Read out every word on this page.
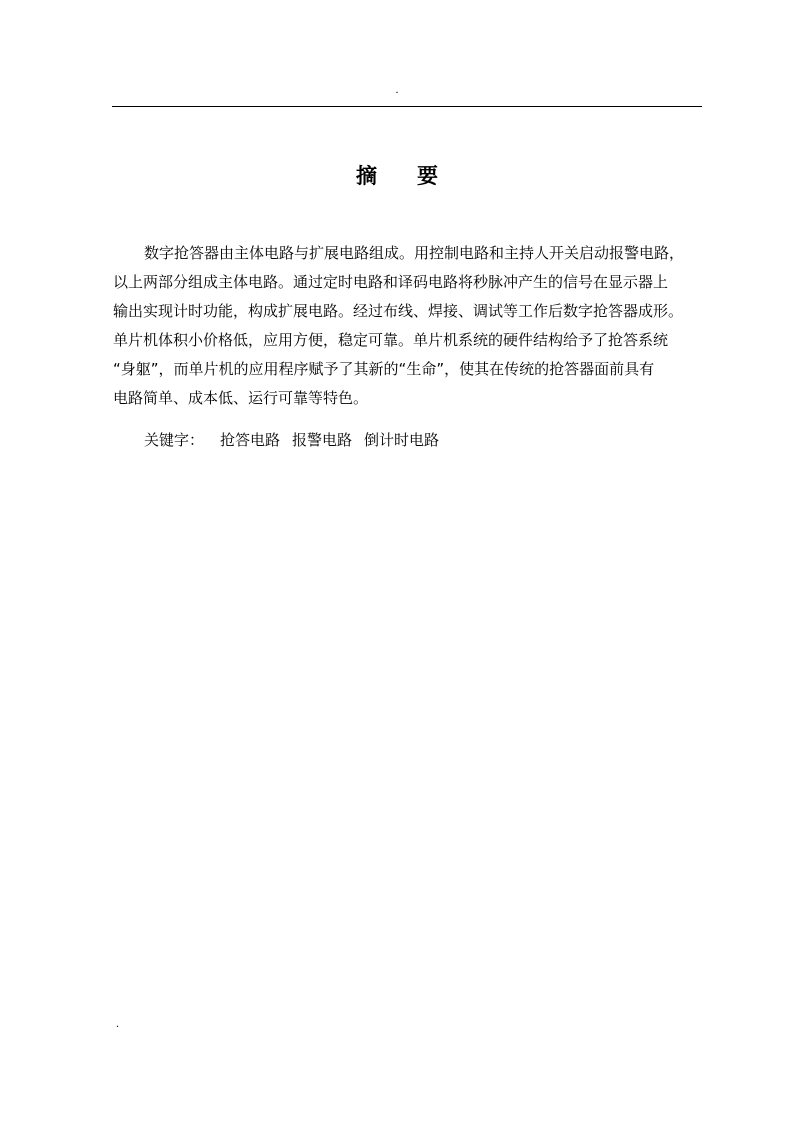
.
摘 要
数字抢答器由主体电路与扩展电路组成。用控制电路和主持人开关启动报警电路，
以上两部分组成主体电路。通过定时电路和译码电路将秒脉冲产生的信号在显示器上
输出实现计时功能，构成扩展电路。经过布线、焊接、调试等工作后数字抢答器成形。
单片机体积小价格低，应用方便，稳定可靠。单片机系统的硬件结构给予了抢答系统
“身躯”，而单片机的应用程序赋予了其新的“生命”，使其在传统的抢答器面前具有
电路简单、成本低、运行可靠等特色。
关键字： 抢答电路 报警电路 倒计时电路
.
